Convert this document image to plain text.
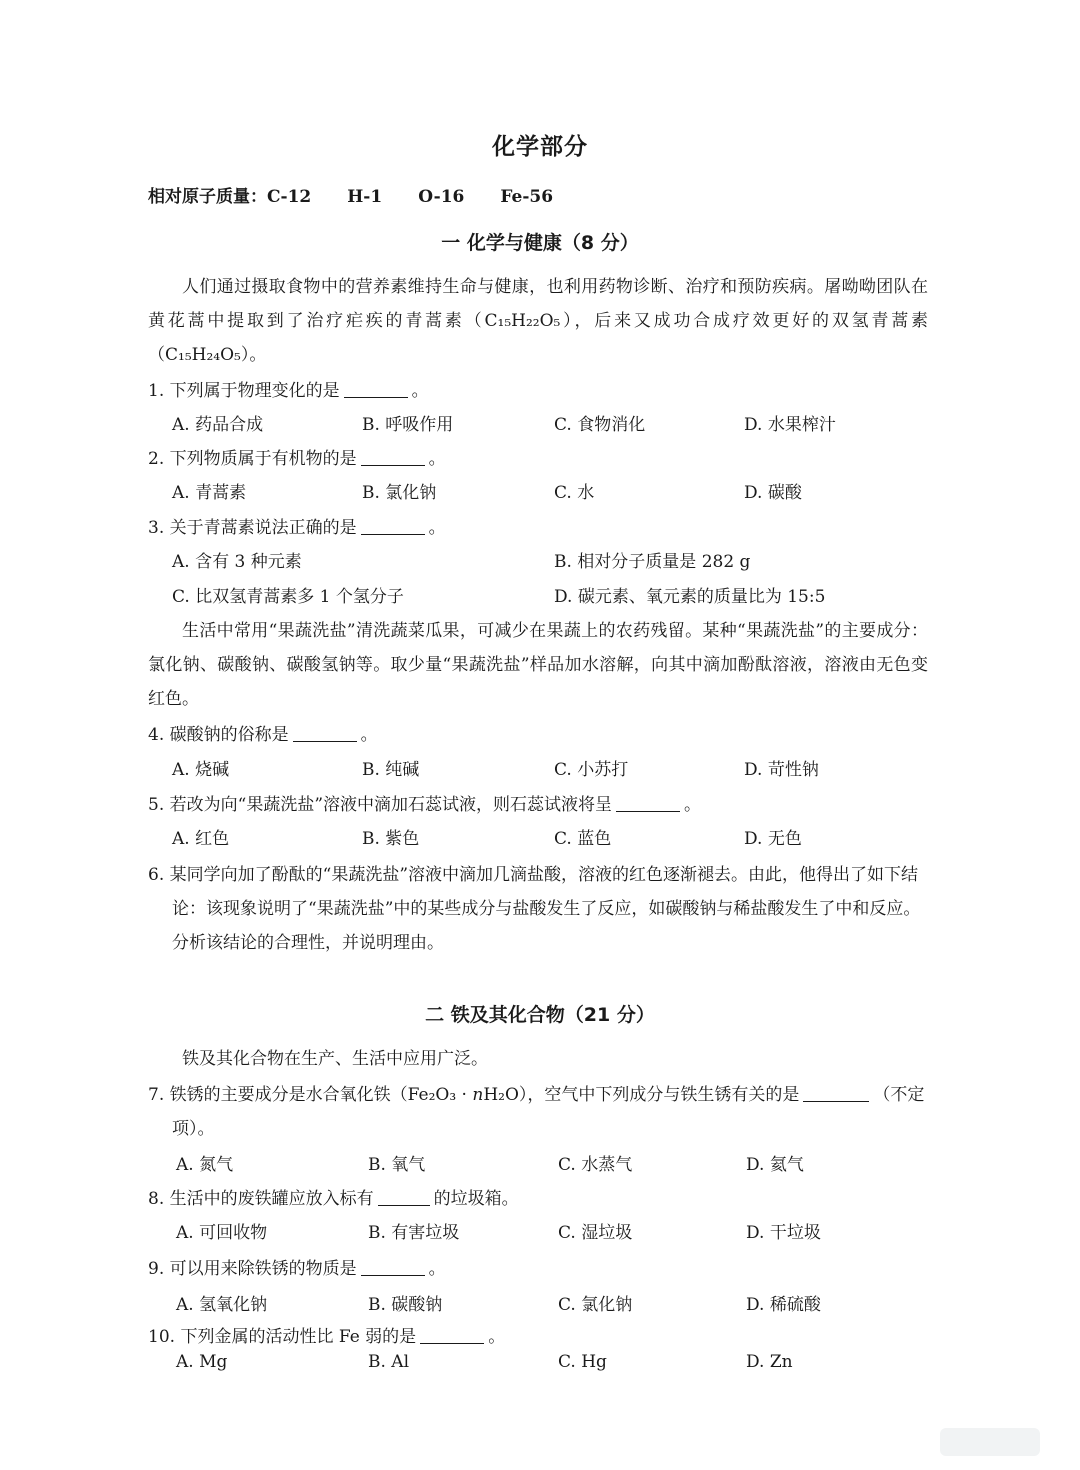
化学部分
相对原子质量：C-12 H-1 O-16 Fe-56
一 化学与健康（8 分）
人们通过摄取食物中的营养素维持生命与健康，也利用药物诊断、治疗和预防疾病。屠呦呦团队在黄花蒿中提取到了治疗疟疾的青蒿素（C₁₅H₂₂O₅），后来又成功合成疗效更好的双氢青蒿素（C₁₅H₂₄O₅）。
1. 下列属于物理变化的是	。
A. 药品合成	B. 呼吸作用	C. 食物消化	D. 水果榨汁
2. 下列物质属于有机物的是	。
A. 青蒿素	B. 氯化钠	C. 水	D. 碳酸
3. 关于青蒿素说法正确的是	。
A. 含有 3 种元素	B. 相对分子质量是 282 g
C. 比双氢青蒿素多 1 个氢分子	D. 碳元素、氧元素的质量比为 15:5
生活中常用“果蔬洗盐”清洗蔬菜瓜果，可减少在果蔬上的农药残留。某种“果蔬洗盐”的主要成分：氯化钠、碳酸钠、碳酸氢钠等。取少量“果蔬洗盐”样品加水溶解，向其中滴加酚酞溶液，溶液由无色变红色。
4. 碳酸钠的俗称是	。
A. 烧碱	B. 纯碱	C. 小苏打	D. 苛性钠
5. 若改为向“果蔬洗盐”溶液中滴加石蕊试液，则石蕊试液将呈	。
A. 红色	B. 紫色	C. 蓝色	D. 无色
6. 某同学向加了酚酞的“果蔬洗盐”溶液中滴加几滴盐酸，溶液的红色逐渐褪去。由此，他得出了如下结论：该现象说明了“果蔬洗盐”中的某些成分与盐酸发生了反应，如碳酸钠与稀盐酸发生了中和反应。分析该结论的合理性，并说明理由。
二 铁及其化合物（21 分）
铁及其化合物在生产、生活中应用广泛。
7. 铁锈的主要成分是水合氧化铁（Fe₂O₃ · nH₂O），空气中下列成分与铁生锈有关的是	（不定项）。
A. 氮气	B. 氧气	C. 水蒸气	D. 氦气
8. 生活中的废铁罐应放入标有	的垃圾箱。
A. 可回收物	B. 有害垃圾	C. 湿垃圾	D. 干垃圾
9. 可以用来除铁锈的物质是	。
A. 氢氧化钠	B. 碳酸钠	C. 氯化钠	D. 稀硫酸
10. 下列金属的活动性比 Fe 弱的是	。
A. Mg	B. Al	C. Hg	D. Zn
